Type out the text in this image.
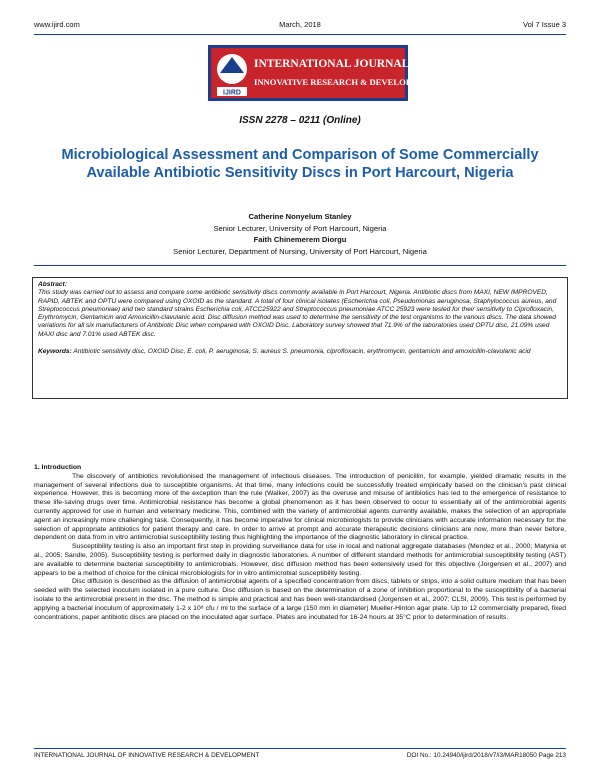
www.ijird.com	March, 2018	Vol 7 Issue 3
IJIRD
INTERNATIONAL JOURNAL OF
INNOVATIVE RESEARCH & DEVELOPMENT
ISSN 2278 – 0211 (Online)
Microbiological Assessment and Comparison of Some Commercially Available Antibiotic Sensitivity Discs in Port Harcourt, Nigeria
Catherine Nonyelum Stanley
Senior Lecturer, University of Port Harcourt, Nigeria
Faith Chinemerem Diorgu
Senior Lecturer, Department of Nursing, University of Port Harcourt, Nigeria
Abstract:
This study was carried out to assess and compare some antibiotic sensitivity discs commonly available in Port Harcourt, Nigeria. Antibiotic discs from MAXI, NEW IMPROVED, RAPID, ABTEK and OPTU were compared using OXOID as the standard. A total of four clinical isolates (Escherichia coli, Pseudomonas aeruginosa, Staphylococcus aureus, and Streptococcus pneumoniae) and two standard strains Escherichia coli, ATCC25922 and Streptococcus pneumoniae ATCC 25923 were tested for their sensitivity to Ciprofloxacin, Erythromycin, Gentamicin and Amoxicillin-clavulanic acid. Disc diffusion method was used to determine the sensitivity of the test organisms to the various discs. The data showed variations for all six manufacturers of Antibiotic Disc when compared with OXOID Disc. Laboratory survey showed that 71.9% of the laboratories used OPTU disc, 21.09% used MAXI disc and 7.01% used ABTEK disc.
Keywords: Antibiotic sensitivity disc, OXOID Disc, E. coli, P. aeruginosa, S. aureus S. pneumonia, ciprofloxacin, erythromycin, gentamicin and amoxicillin-clavulanic acid

1. Introduction

The discovery of antibiotics revolutionised the management of infectious diseases. The introduction of penicillin, for example, yielded dramatic results in the management of several infections due to susceptible organisms. At that time, many infections could be successfully treated empirically based on the clinician's past clinical experience. However, this is becoming more of the exception than the rule (Walker, 2007) as the overuse and misuse of antibiotics has led to the emergence of resistance to these life-saving drugs over time. Antimicrobial resistance has become a global phenomenon as it has been observed to occur to essentially all of the antimicrobial agents currently approved for use in human and veterinary medicine. This, combined with the variety of antimicrobial agents currently available, makes the selection of an appropriate agent an increasingly more challenging task. Consequently, it has become imperative for clinical microbiologists to provide clinicians with accurate information necessary for the selection of appropriate antibiotics for patient therapy and care. In order to arrive at prompt and accurate therapeutic decisions clinicians are now, more than never before, dependent on data from in vitro antimicrobial susceptibility testing thus highlighting the importance of the diagnostic laboratory in clinical practice.

Susceptibility testing is also an important first step in providing surveillance data for use in local and national aggregate databases (Mendez et al., 2000; Matynia et al., 2005; Sandle, 2005). Susceptibility testing is performed daily in diagnostic laboratories. A number of different standard methods for antimicrobial susceptibility testing (AST) are available to determine bacterial susceptibility to antimicrobials. However, disc diffusion method has been extensively used for this objective (Jorgensen et al., 2007) and appears to be a method of choice for the clinical microbiologists for in vitro antimicrobial susceptibility testing.

Disc diffusion is described as the diffusion of antimicrobial agents of a specified concentration from discs, tablets or strips, into a solid culture medium that has been seeded with the selected inoculum isolated in a pure culture. Disc diffusion is based on the determination of a zone of inhibition proportional to the susceptibility of a bacterial isolate to the antimicrobial present in the disc. The method is simple and practical and has been well-standardised (Jorgensen et al., 2007; CLSI, 2009). This test is performed by applying a bacterial inoculum of approximately 1-2 x 10⁸ cfu / ml to the surface of a large (150 mm in diameter) Mueller-Hinton agar plate. Up to 12 commercially prepared, fixed concentrations, paper antibiotic discs are placed on the inoculated agar surface. Plates are incubated for 16-24 hours at 35°C prior to determination of results.

INTERNATIONAL JOURNAL OF INNOVATIVE RESEARCH & DEVELOPMENT	DOI No.: 10.24940/ijird/2018/v7/i3/MAR18050 Page 213
